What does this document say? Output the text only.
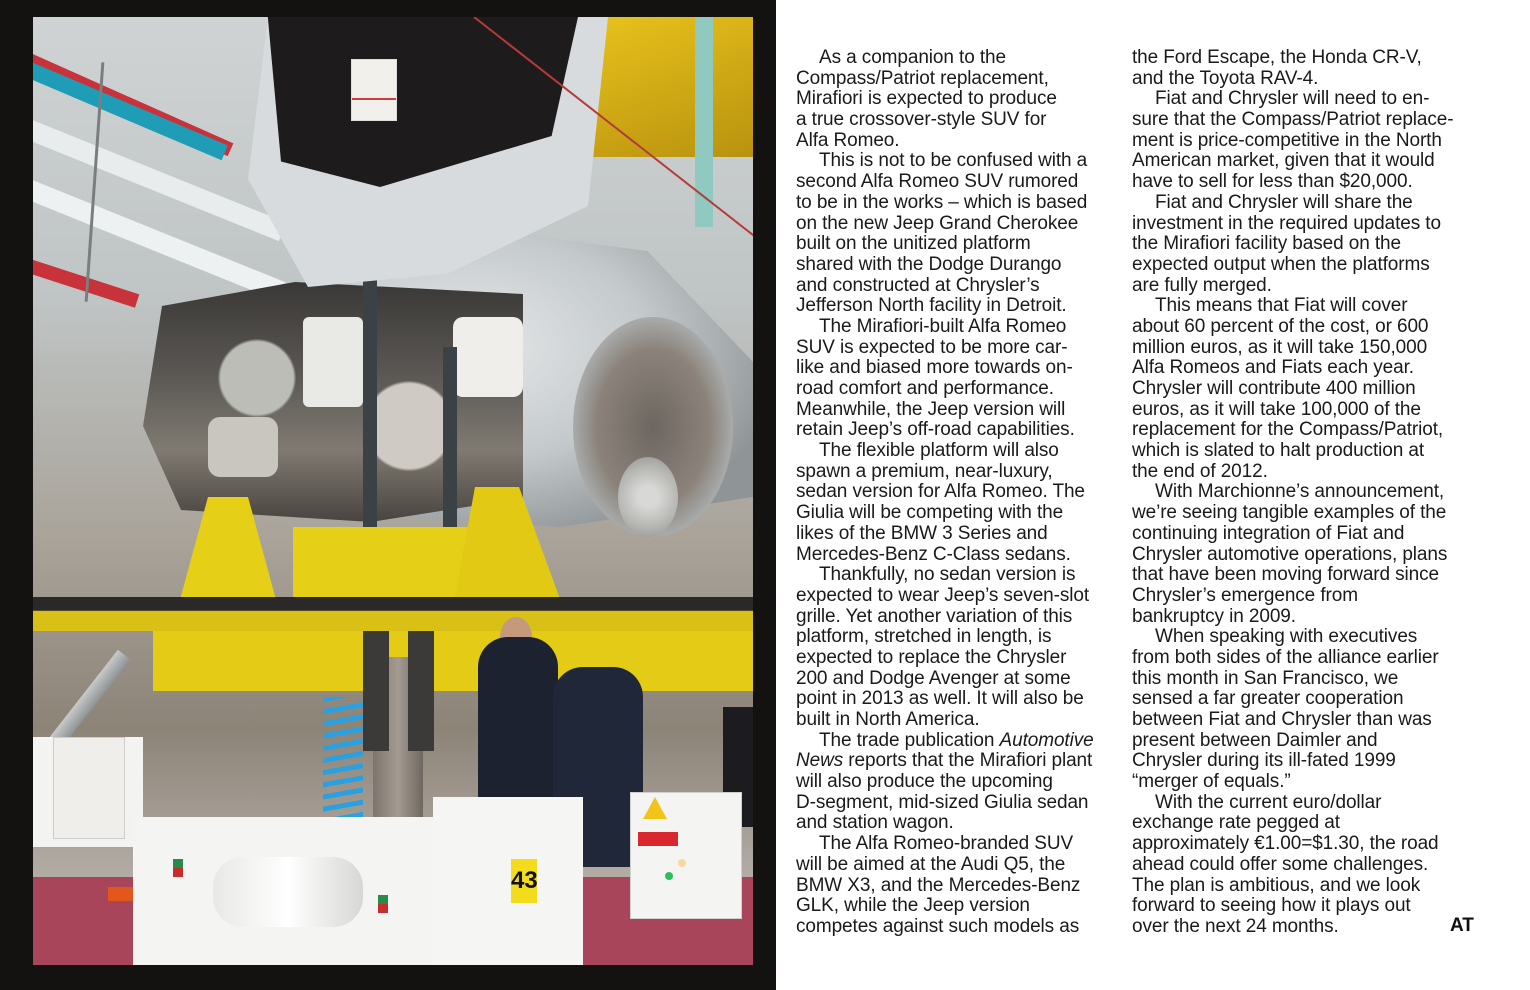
43
As a companion to the
Compass/Patriot replacement,
Mirafiori is expected to produce
a true crossover-style SUV for
Alfa Romeo.
This is not to be confused with a
second Alfa Romeo SUV rumored
to be in the works – which is based
on the new Jeep Grand Cherokee
built on the unitized platform
shared with the Dodge Durango
and constructed at Chrysler’s
Jefferson North facility in Detroit.
The Mirafiori-built Alfa Romeo
SUV is expected to be more car-
like and biased more towards on-
road comfort and performance.
Meanwhile, the Jeep version will
retain Jeep’s off-road capabilities.
The flexible platform will also
spawn a premium, near-luxury,
sedan version for Alfa Romeo. The
Giulia will be competing with the
likes of the BMW 3 Series and
Mercedes-Benz C-Class sedans.
Thankfully, no sedan version is
expected to wear Jeep’s seven-slot
grille. Yet another variation of this
platform, stretched in length, is
expected to replace the Chrysler
200 and Dodge Avenger at some
point in 2013 as well. It will also be
built in North America.
The trade publication Automotive
News reports that the Mirafiori plant
will also produce the upcoming
D-segment, mid-sized Giulia sedan
and station wagon.
The Alfa Romeo-branded SUV
will be aimed at the Audi Q5, the
BMW X3, and the Mercedes-Benz
GLK, while the Jeep version
competes against such models as
the Ford Escape, the Honda CR-V,
and the Toyota RAV-4.
Fiat and Chrysler will need to en-
sure that the Compass/Patriot replace-
ment is price-competitive in the North
American market, given that it would
have to sell for less than $20,000.
Fiat and Chrysler will share the
investment in the required updates to
the Mirafiori facility based on the
expected output when the platforms
are fully merged.
This means that Fiat will cover
about 60 percent of the cost, or 600
million euros, as it will take 150,000
Alfa Romeos and Fiats each year.
Chrysler will contribute 400 million
euros, as it will take 100,000 of the
replacement for the Compass/Patriot,
which is slated to halt production at
the end of 2012.
With Marchionne’s announcement,
we’re seeing tangible examples of the
continuing integration of Fiat and
Chrysler automotive operations, plans
that have been moving forward since
Chrysler’s emergence from
bankruptcy in 2009.
When speaking with executives
from both sides of the alliance earlier
this month in San Francisco, we
sensed a far greater cooperation
between Fiat and Chrysler than was
present between Daimler and
Chrysler during its ill-fated 1999
“merger of equals.”
With the current euro/dollar
exchange rate pegged at
approximately €1.00=$1.30, the road
ahead could offer some challenges.
The plan is ambitious, and we look
forward to seeing how it plays out
over the next 24 months.	AT
